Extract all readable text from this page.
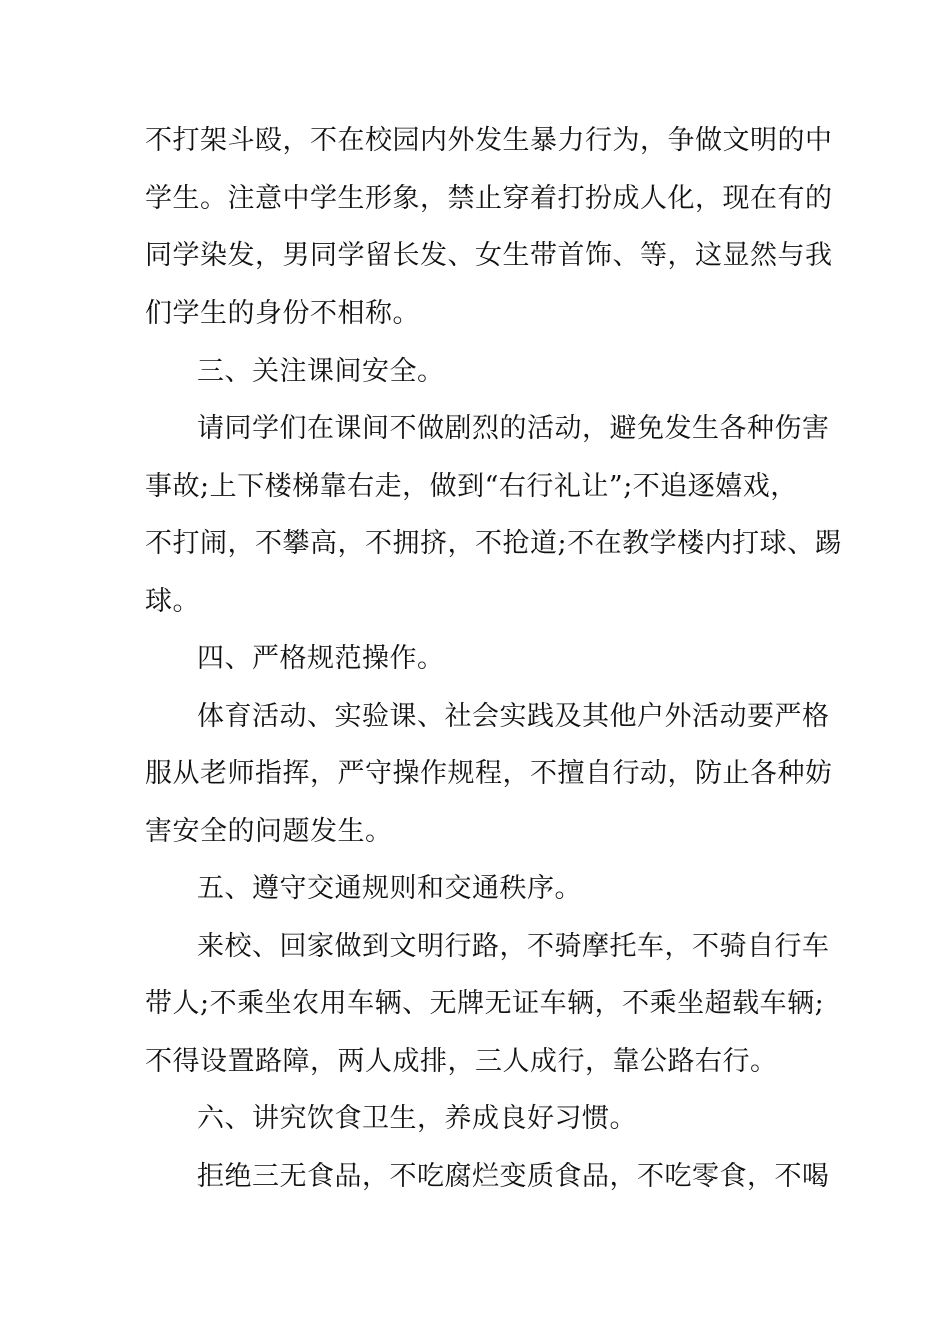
不打架斗殴，不在校园内外发生暴力行为，争做文明的中
学生。注意中学生形象，禁止穿着打扮成人化，现在有的
同学染发，男同学留长发、女生带首饰、等，这显然与我
们学生的身份不相称。
三、关注课间安全。
请同学们在课间不做剧烈的活动，避免发生各种伤害
事故;上下楼梯靠右走，做到“右行礼让”;不追逐嬉戏，
不打闹，不攀高，不拥挤，不抢道;不在教学楼内打球、踢
球。
四、严格规范操作。
体育活动、实验课、社会实践及其他户外活动要严格
服从老师指挥，严守操作规程，不擅自行动，防止各种妨
害安全的问题发生。
五、遵守交通规则和交通秩序。
来校、回家做到文明行路，不骑摩托车，不骑自行车
带人;不乘坐农用车辆、无牌无证车辆，不乘坐超载车辆;
不得设置路障，两人成排，三人成行，靠公路右行。
六、讲究饮食卫生，养成良好习惯。
拒绝三无食品，不吃腐烂变质食品，不吃零食，不喝
